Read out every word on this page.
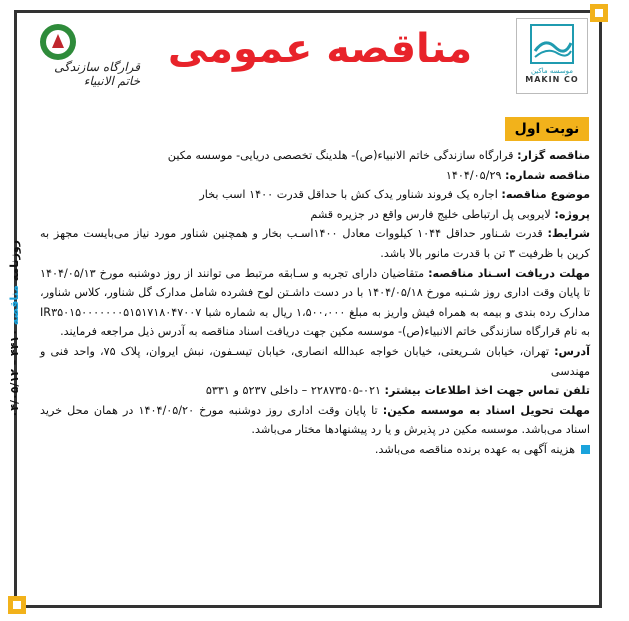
موسسه ماکین
MAKIN CO
قرارگاه سازندگی خاتم الانبیاء
مناقصه عمومی
نوبت اول

مناقصه گزار: قرارگاه سازندگی خاتم الانبیاء(ص)- هلدینگ تخصصی دریایی- موسسه مکین

مناقصه شماره: ۱۴۰۴/۰۵/۲۹

موضوع مناقصه: اجاره یک فروند شناور یدک کش با حداقل قدرت ۱۴۰۰ اسب بخار

پروژه: لایروبی پل ارتباطی خلیج فارس واقع در جزیره قشم

شرایط: قدرت شـناور حداقل ۱۰۴۴ کیلووات معادل ۱۴۰۰اسـب بخار و همچنین شناور مورد نیاز می‌بایست مجهز به کرین با ظرفیت ۳ تن با قدرت مانور بالا باشد.

مهلت دریافت اسـناد مناقصه: متقاضیان دارای تجربه و سـابقه مرتبط می توانند از روز دوشنبه مورخ ۱۴۰۴/۰۵/۱۳ تا پایان وقت اداری روز شـنبه مورخ ۱۴۰۴/۰۵/۱۸ با در دست داشـتن لوح فشرده شامل مدارک گل شناور، کلاس شناور، مدارک رده بندی و بیمه به همراه فیش واریز به مبلغ ۱،۵۰۰،۰۰۰ ریال به شماره شبا IR۳۵۰۱۵۰۰۰۰۰۰۰۵۱۵۱۷۱۸۰۴۷۰۰۷ به نام قرارگاه سازندگی خاتم الانبیاء(ص)- موسسه مکین جهت دریافت اسناد مناقصه به آدرس ذیل مراجعه فرمایند.

آدرس: تهران، خیابان شـریعتی، خیابان خواجه عبدالله انصاری، خیابان تیسـفون، نبش ایروان، پلاک ۷۵، واحد فنی و مهندسی

تلفن تماس جهت اخذ اطلاعات بیشتر: ۰۲۱-۲۲۸۷۳۵۰۵ – داخلی ۵۲۳۷ و ۵۳۳۱

مهلت تحویل اسناد به موسسه مکین: تا پایان وقت اداری روز دوشنبه مورخ ۱۴۰۴/۰۵/۲۰ در همان محل خرید اسناد می‌باشد. موسسه مکین در پذیرش و یا رد پیشنهادها مختار می‌باشد.

هزینه آگهی به عهده برنده مناقصه می‌باشد.

روزنامه مناقصه ۴۴۱۰ – ۰۴/۰۵/۱۲
